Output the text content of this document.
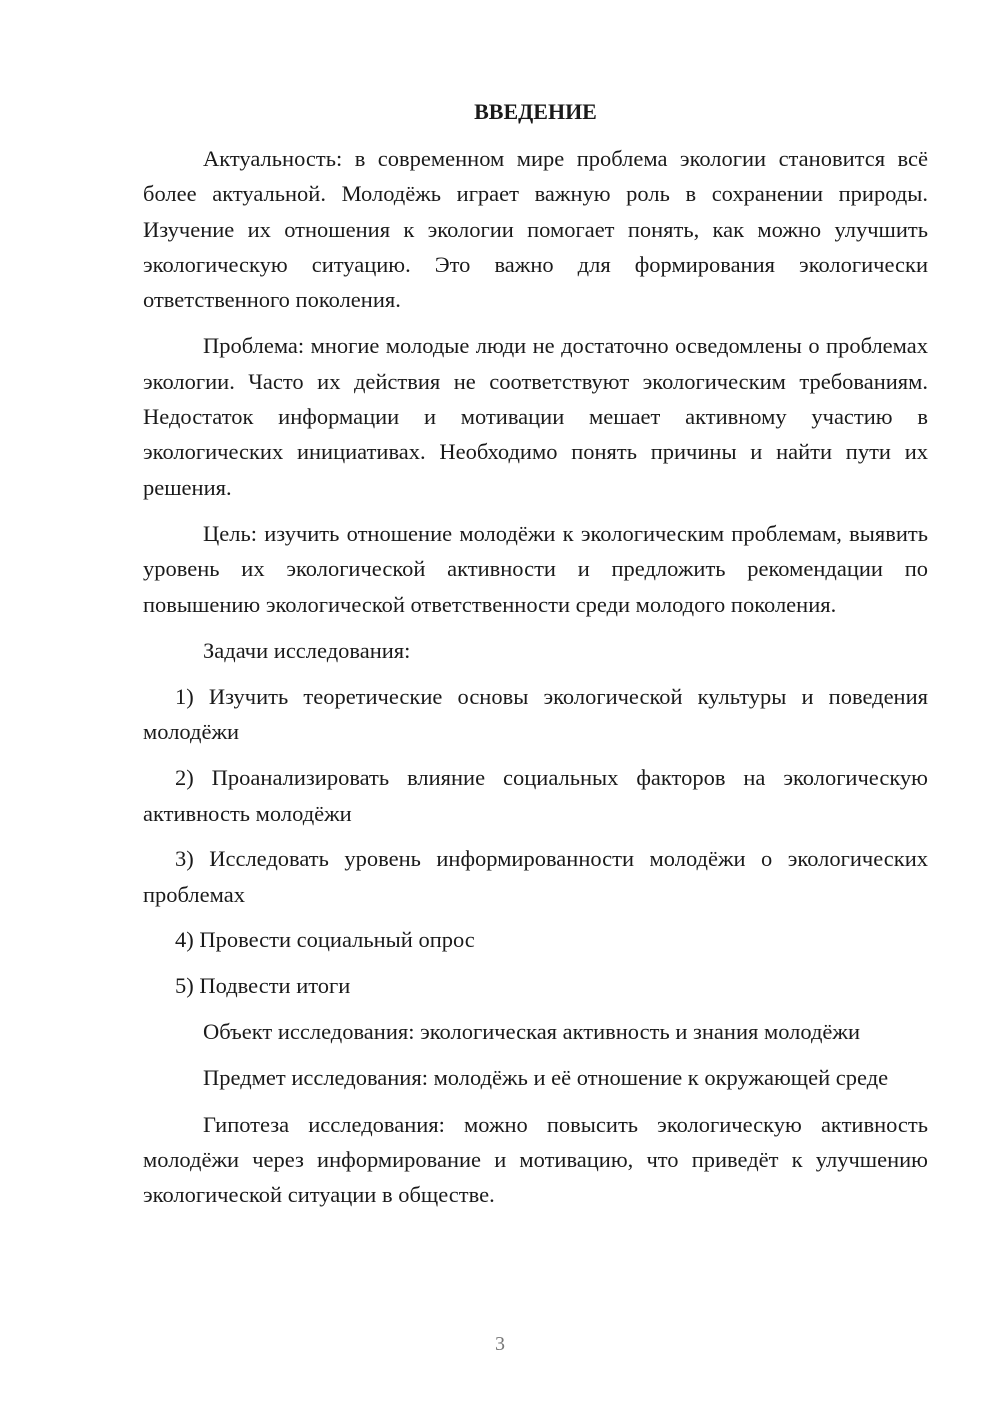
ВВЕДЕНИЕ

Актуальность: в современном мире проблема экологии становится всё более актуальной. Молодёжь играет важную роль в сохранении природы. Изучение их отношения к экологии помогает понять, как можно улучшить экологическую ситуацию. Это важно для формирования экологически ответственного поколения.

Проблема: многие молодые люди не достаточно осведомлены о проблемах экологии. Часто их действия не соответствуют экологическим требованиям. Недостаток информации и мотивации мешает активному участию в экологических инициативах. Необходимо понять причины и найти пути их решения.

Цель: изучить отношение молодёжи к экологическим проблемам, выявить уровень их экологической активности и предложить рекомендации по повышению экологической ответственности среди молодого поколения.

Задачи исследования:

1) Изучить теоретические основы экологической культуры и поведения молодёжи

2) Проанализировать влияние социальных факторов на экологическую активность молодёжи

3) Исследовать уровень информированности молодёжи о экологических проблемах

4) Провести социальный опрос

5) Подвести итоги

Объект исследования: экологическая активность и знания молодёжи

Предмет исследования: молодёжь и её отношение к окружающей среде

Гипотеза исследования: можно повысить экологическую активность молодёжи через информирование и мотивацию, что приведёт к улучшению экологической ситуации в обществе.

3
